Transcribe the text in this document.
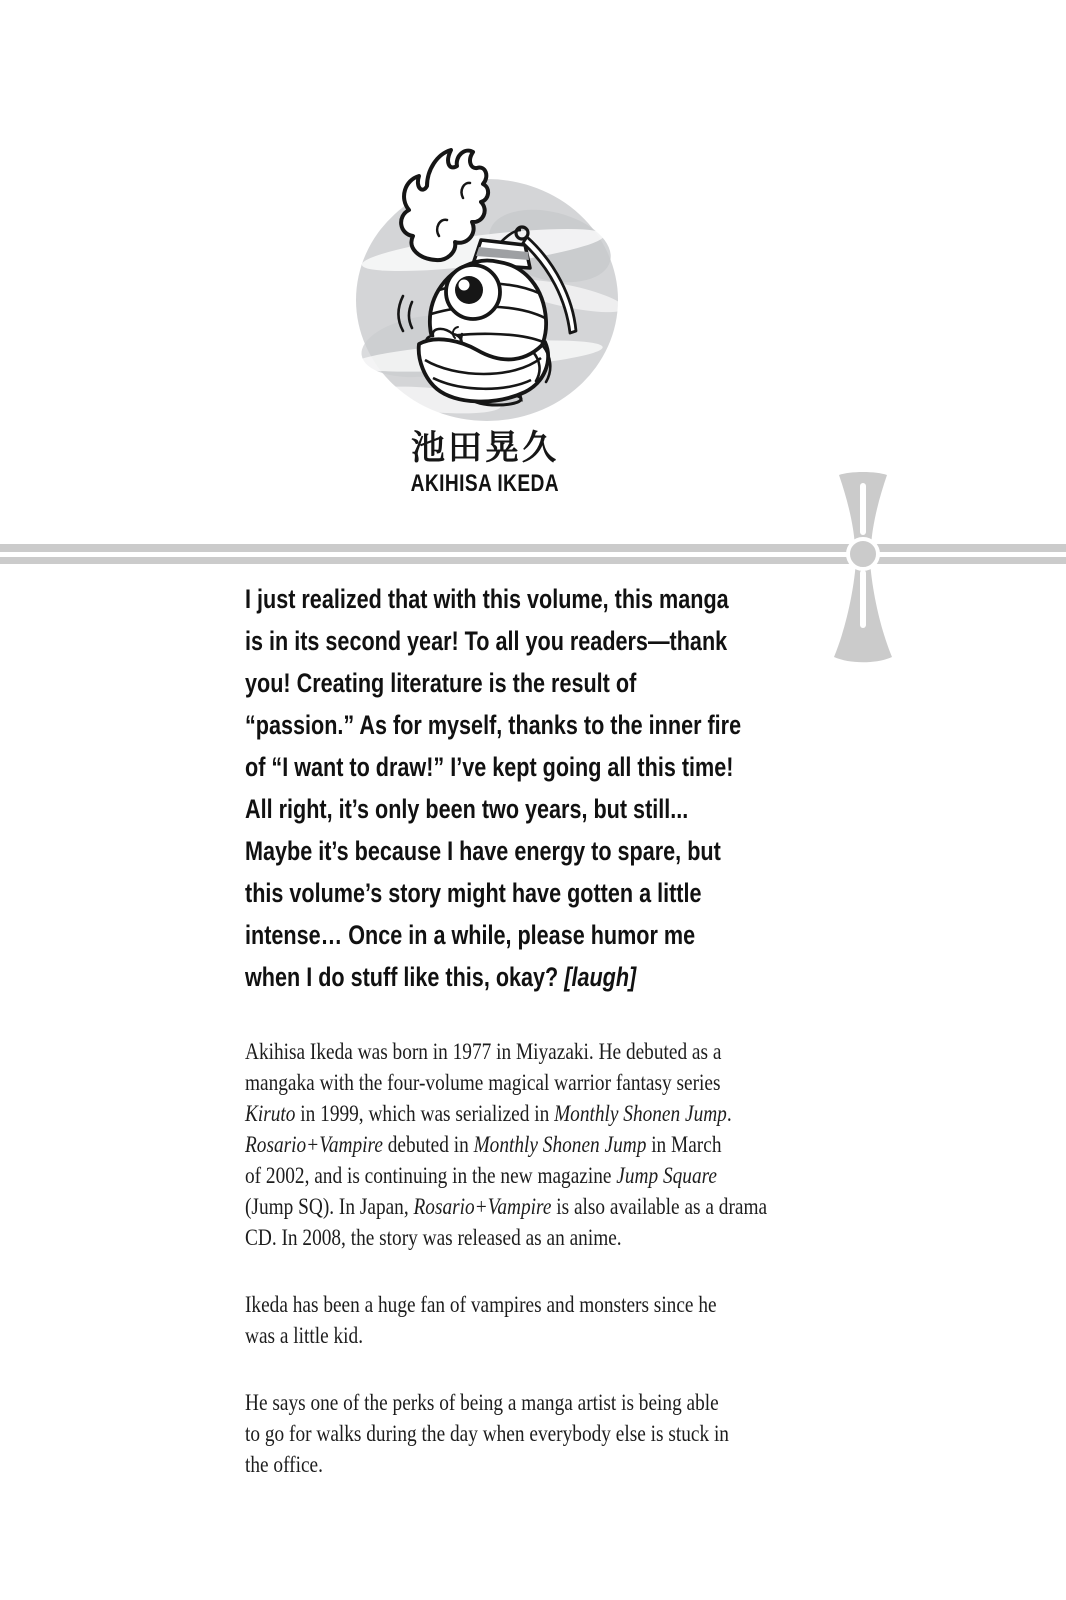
池田晃久
AKIHISA IKEDA
I just realized that with this volume, this manga
is in its second year! To all you readers—thank
you! Creating literature is the result of
“passion.” As for myself, thanks to the inner fire
of “I want to draw!” I’ve kept going all this time!
All right, it’s only been two years, but still...
Maybe it’s because I have energy to spare, but
this volume’s story might have gotten a little
intense… Once in a while, please humor me
when I do stuff like this, okay? [laugh]

Akihisa Ikeda was born in 1977 in Miyazaki. He debuted as a
mangaka with the four-volume magical warrior fantasy series
Kiruto in 1999, which was serialized in Monthly Shonen Jump.
Rosario+Vampire debuted in Monthly Shonen Jump in March
of 2002, and is continuing in the new magazine Jump Square
(Jump SQ). In Japan, Rosario+Vampire is also available as a drama
CD. In 2008, the story was released as an anime.

Ikeda has been a huge fan of vampires and monsters since he
was a little kid.

He says one of the perks of being a manga artist is being able
to go for walks during the day when everybody else is stuck in
the office.
